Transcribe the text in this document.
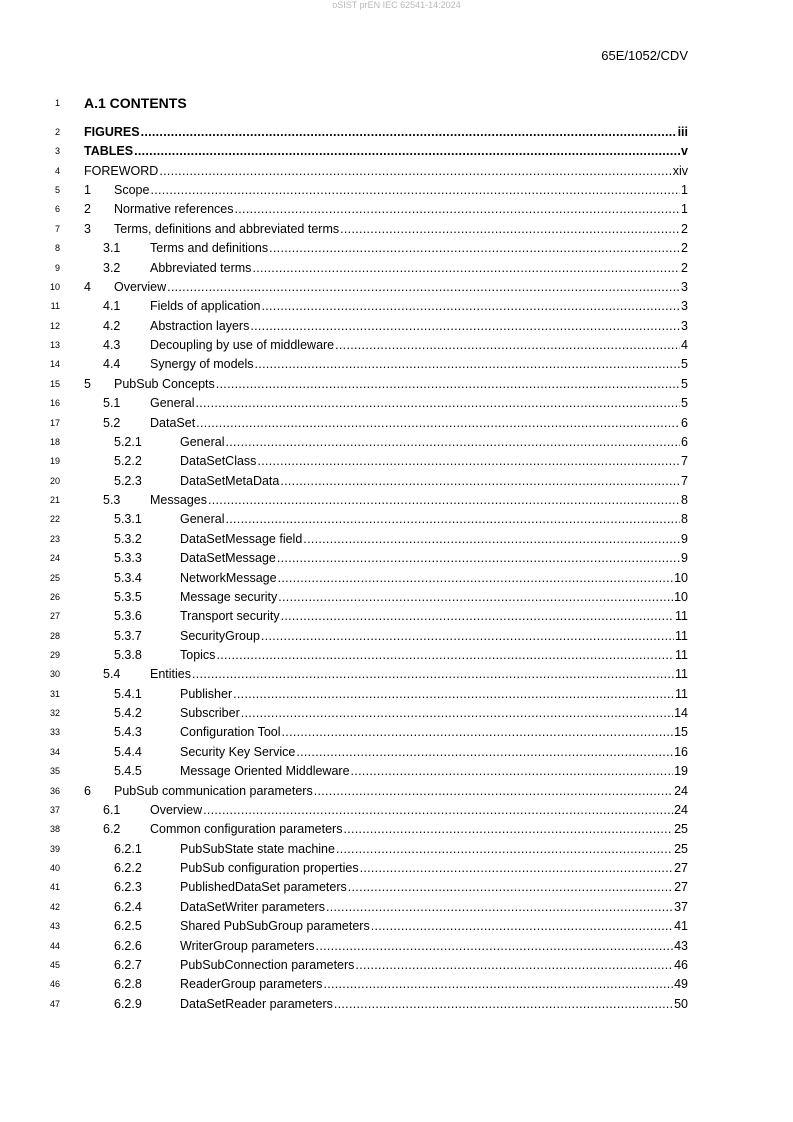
oSIST prEN IEC 62541-14:2024
65E/1052/CDV
1 A.1 CONTENTS
2 FIGURES .....	iii
3 TABLES .....	v
4 FOREWORD .....	xiv
5 1 Scope .....	1
6 2 Normative references .....	1
7 3 Terms, definitions and abbreviated terms .....	2
8	3.1 Terms and definitions .....	2
9	3.2 Abbreviated terms .....	2
10 4 Overview .....	3
11	4.1 Fields of application .....	3
12	4.2 Abstraction layers .....	3
13	4.3 Decoupling by use of middleware .....	4
14	4.4 Synergy of models .....	5
15 5 PubSub Concepts .....	5
16	5.1 General .....	5
17	5.2 DataSet .....	6
18	5.2.1	General .....	6
19	5.2.2	DataSetClass .....	7
20	5.2.3	DataSetMetaData .....	7
21	5.3 Messages .....	8
22	5.3.1	General .....	8
23	5.3.2	DataSetMessage field .....	9
24	5.3.3	DataSetMessage .....	9
25	5.3.4	NetworkMessage .....	10
26	5.3.5	Message security .....	10
27	5.3.6	Transport security .....	11
28	5.3.7	SecurityGroup .....	11
29	5.3.8	Topics .....	11
30	5.4 Entities .....	11
31	5.4.1	Publisher .....	11
32	5.4.2	Subscriber .....	14
33	5.4.3	Configuration Tool .....	15
34	5.4.4	Security Key Service .....	16
35	5.4.5	Message Oriented Middleware .....	19
36 6 PubSub communication parameters .....	24
37	6.1 Overview .....	24
38	6.2 Common configuration parameters .....	25
39	6.2.1	PubSubState state machine .....	25
40	6.2.2	PubSub configuration properties .....	27
41	6.2.3	PublishedDataSet parameters .....	27
42	6.2.4	DataSetWriter parameters .....	37
43	6.2.5	Shared PubSubGroup parameters .....	41
44	6.2.6	WriterGroup parameters .....	43
45	6.2.7	PubSubConnection parameters .....	46
46	6.2.8	ReaderGroup parameters .....	49
47	6.2.9	DataSetReader parameters .....	50
